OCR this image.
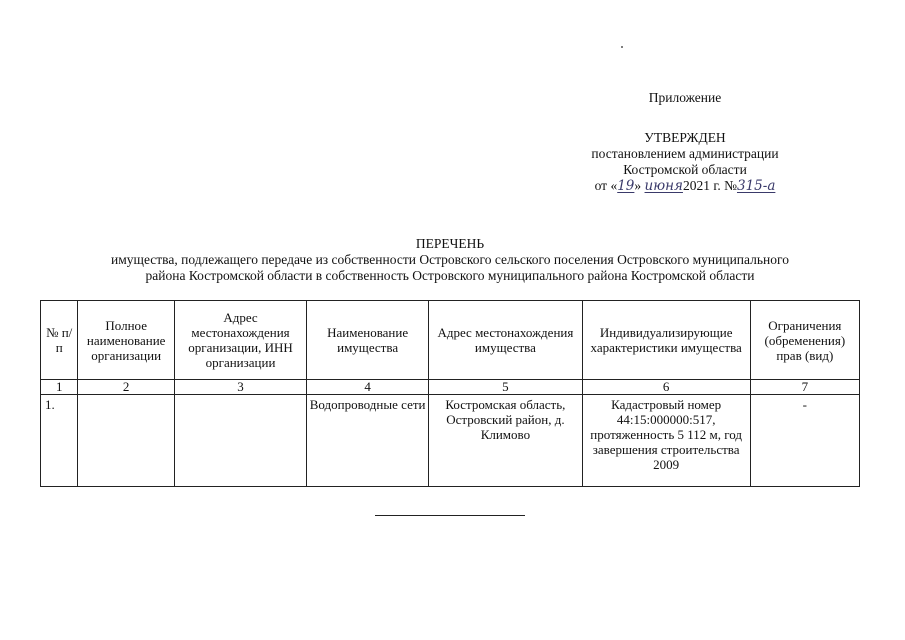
Приложение
УТВЕРЖДЕН
постановлением администрации
Костромской области
от «19» июня2021 г. №315-а
ПЕРЕЧЕНЬ
имущества, подлежащего передаче из собственности Островского сельского поселения Островского муниципального
района Костромской области в собственность Островского муниципального района Костромской области
№ п/п	Полное наименование организации	Адрес местонахождения организации, ИНН организации	Наименование имущества	Адрес местонахождения имущества	Индивидуализирующие характеристики имущества	Ограничения (обременения) прав (вид)
1	2	3	4	5	6	7
1.			Водопроводные сети	Костромская область, Островский район, д. Климово	Кадастровый номер 44:15:000000:517, протяженность 5 112 м, год завершения строительства 2009	-
